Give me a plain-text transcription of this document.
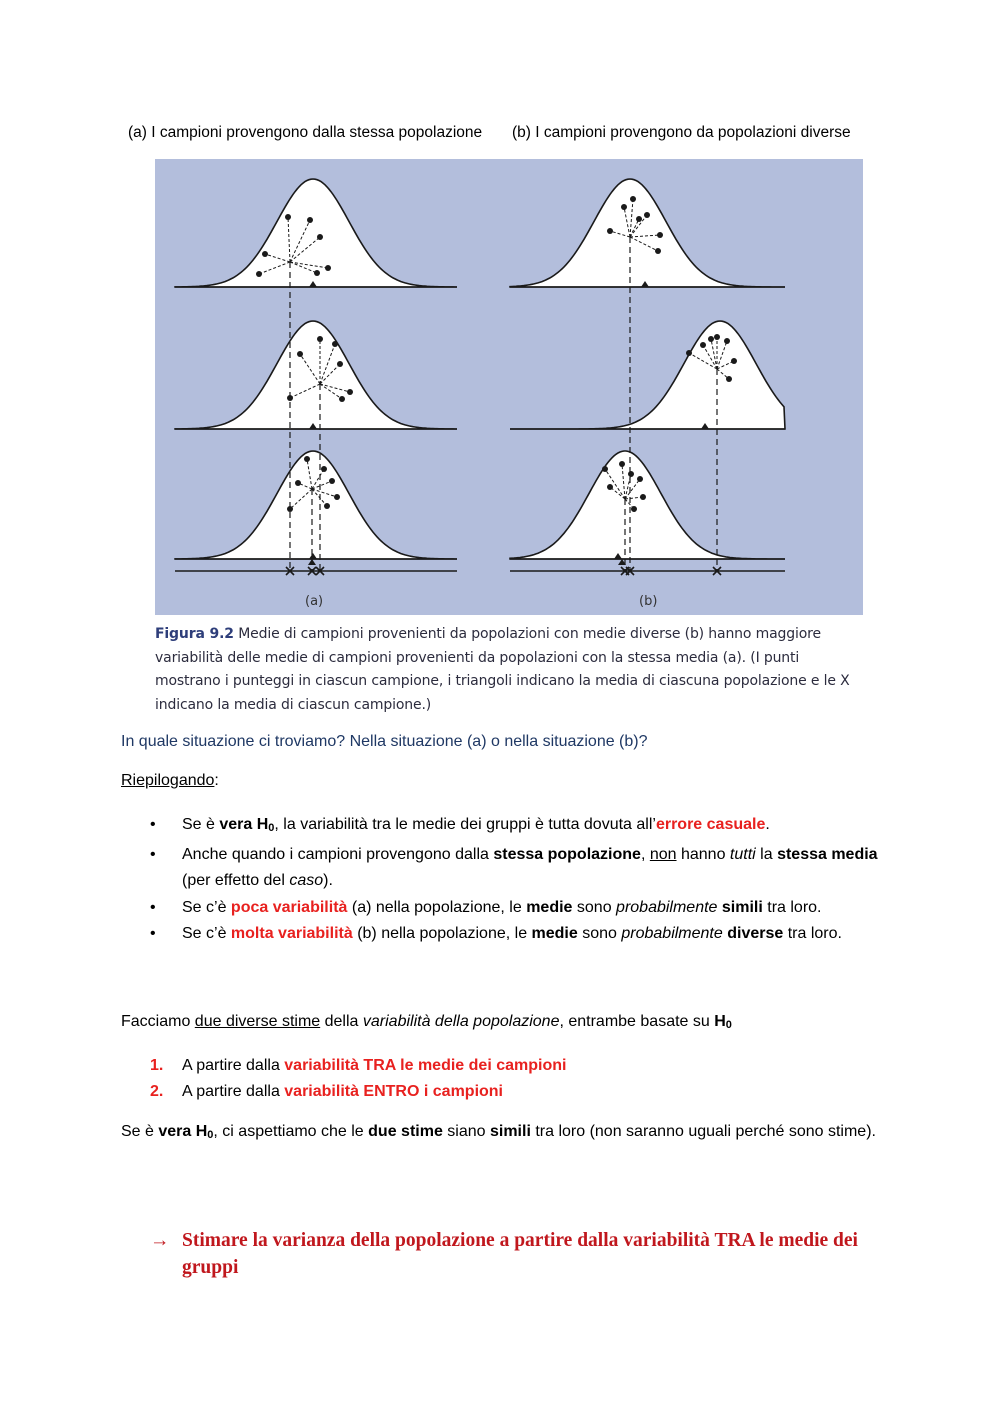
(a) I campioni provengono dalla stessa popolazione (b) I campioni provengono da popolazioni diverse
(a)	(b)
Figura 9.2 Medie di campioni provenienti da popolazioni con medie diverse (b) hanno maggiore variabilità delle medie di campioni provenienti da popolazioni con la stessa media (a). (I punti mostrano i punteggi in ciascun campione, i triangoli indicano la media di ciascuna popolazione e le X indicano la media di ciascun campione.)
In quale situazione ci troviamo? Nella situazione (a) o nella situazione (b)?
Riepilogando:
• Se è vera $H_0$, la variabilità tra le medie dei gruppi è tutta dovuta all’errore casuale.
• Anche quando i campioni provengono dalla stessa popolazione, non hanno tutti la stessa media (per effetto del caso).
• Se c’è poca variabilità (a) nella popolazione, le medie sono probabilmente simili tra loro.
• Se c’è molta variabilità (b) nella popolazione, le medie sono probabilmente diverse tra loro.
Facciamo due diverse stime della variabilità della popolazione, entrambe basate su $H_0$
1. A partire dalla variabilità TRA le medie dei campioni
2. A partire dalla variabilità ENTRO i campioni
Se è vera $H_0$, ci aspettiamo che le due stime siano simili tra loro (non saranno uguali perché sono stime).
→ Stimare la varianza della popolazione a partire dalla variabilità TRA le medie dei gruppi
